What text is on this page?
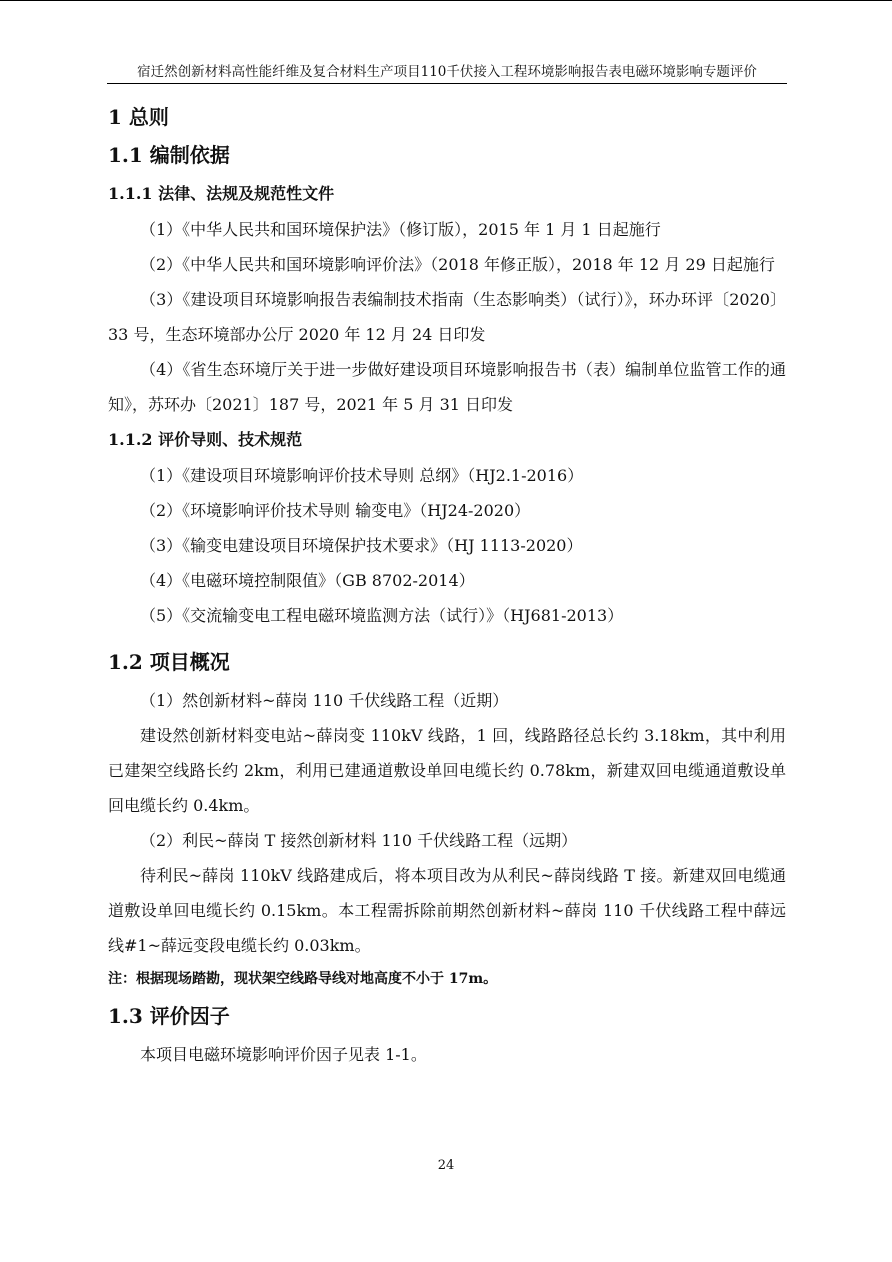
宿迁然创新材料高性能纤维及复合材料生产项目110千伏接入工程环境影响报告表电磁环境影响专题评价
1 总则
1.1 编制依据
1.1.1 法律、法规及规范性文件

（1）《中华人民共和国环境保护法》（修订版），2015 年 1 月 1 日起施行

（2）《中华人民共和国环境影响评价法》（2018 年修正版），2018 年 12 月 29 日起施行

（3）《建设项目环境影响报告表编制技术指南（生态影响类）（试行）》，环办环评〔2020〕33 号，生态环境部办公厅 2020 年 12 月 24 日印发

（4）《省生态环境厅关于进一步做好建设项目环境影响报告书（表）编制单位监管工作的通知》，苏环办〔2021〕187 号，2021 年 5 月 31 日印发

1.1.2 评价导则、技术规范

（1）《建设项目环境影响评价技术导则 总纲》（HJ2.1-2016）

（2）《环境影响评价技术导则 输变电》（HJ24-2020）

（3）《输变电建设项目环境保护技术要求》（HJ 1113-2020）

（4）《电磁环境控制限值》（GB 8702-2014）

（5）《交流输变电工程电磁环境监测方法（试行）》（HJ681-2013）

1.2 项目概况

（1）然创新材料~薛岗 110 千伏线路工程（近期）

建设然创新材料变电站~薛岗变 110kV 线路，1 回，线路路径总长约 3.18km，其中利用已建架空线路长约 2km，利用已建通道敷设单回电缆长约 0.78km，新建双回电缆通道敷设单回电缆长约 0.4km。

（2）利民~薛岗 T 接然创新材料 110 千伏线路工程（远期）

待利民~薛岗 110kV 线路建成后，将本项目改为从利民~薛岗线路 T 接。新建双回电缆通道敷设单回电缆长约 0.15km。本工程需拆除前期然创新材料~薛岗 110 千伏线路工程中薛远线#1~薛远变段电缆长约 0.03km。

注：根据现场踏勘，现状架空线路导线对地高度不小于 17m。
1.3 评价因子

本项目电磁环境影响评价因子见表 1-1。

24
